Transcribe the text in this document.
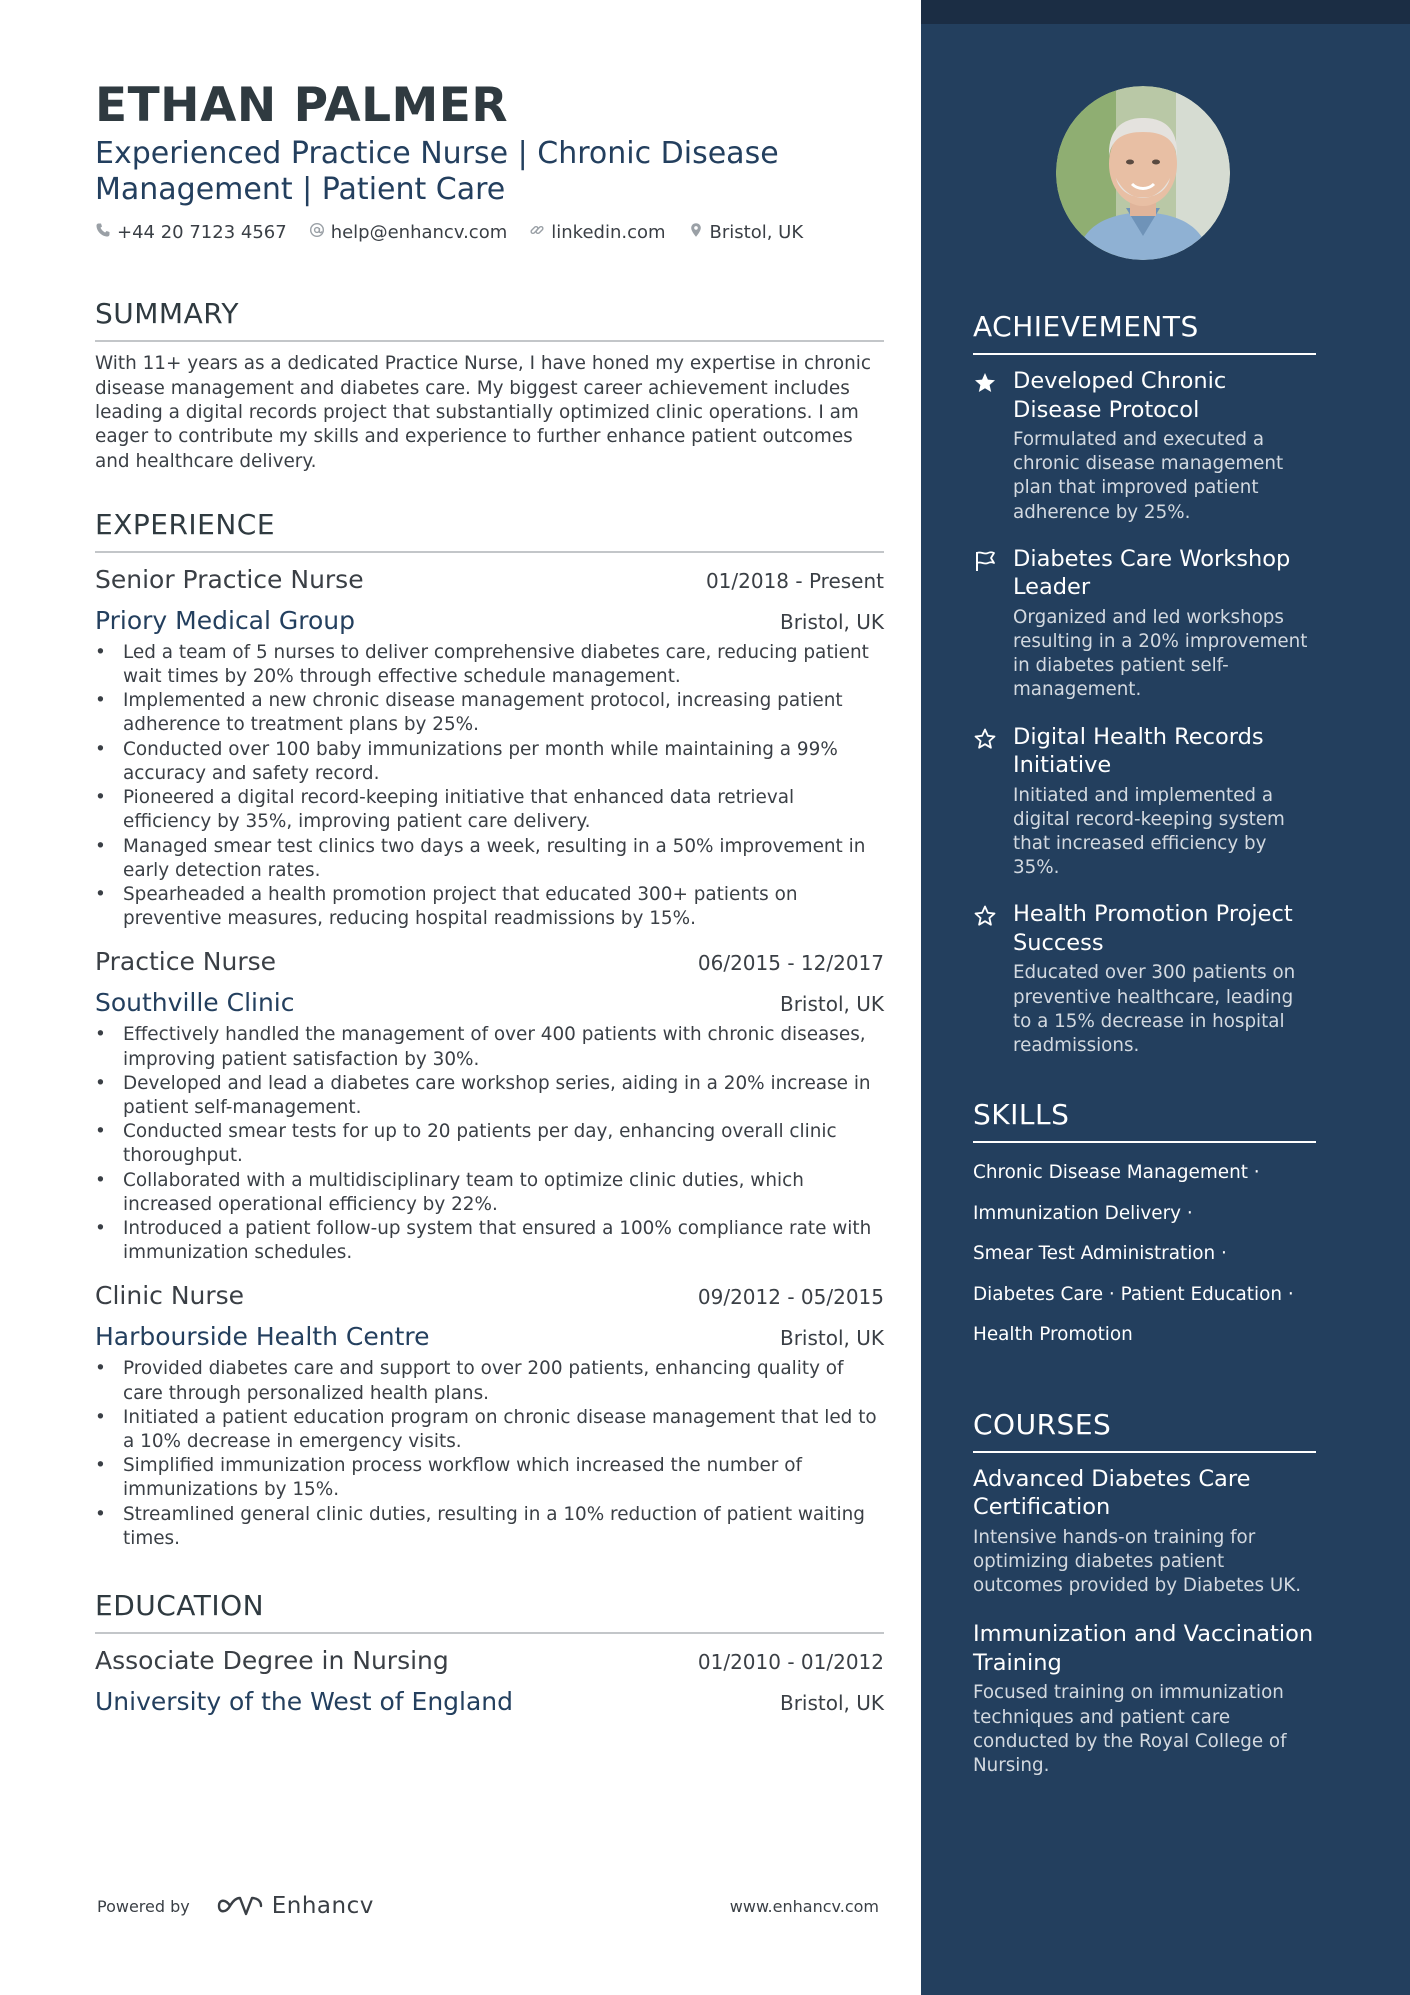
ETHAN PALMER
Experienced Practice Nurse | Chronic Disease
Management | Patient Care
+44 20 7123 4567 help@enhancv.com linkedin.com Bristol, UK
SUMMARY
With 11+ years as a dedicated Practice Nurse, I have honed my expertise in chronic
disease management and diabetes care. My biggest career achievement includes
leading a digital records project that substantially optimized clinic operations. I am
eager to contribute my skills and experience to further enhance patient outcomes
and healthcare delivery.
EXPERIENCE
Senior Practice Nurse	01/2018 - Present
Priory Medical Group	Bristol, UK
• Led a team of 5 nurses to deliver comprehensive diabetes care, reducing patient
wait times by 20% through effective schedule management.
• Implemented a new chronic disease management protocol, increasing patient
adherence to treatment plans by 25%.
• Conducted over 100 baby immunizations per month while maintaining a 99%
accuracy and safety record.
• Pioneered a digital record-keeping initiative that enhanced data retrieval
efficiency by 35%, improving patient care delivery.
• Managed smear test clinics two days a week, resulting in a 50% improvement in
early detection rates.
• Spearheaded a health promotion project that educated 300+ patients on
preventive measures, reducing hospital readmissions by 15%.
Practice Nurse	06/2015 - 12/2017
Southville Clinic	Bristol, UK
• Effectively handled the management of over 400 patients with chronic diseases,
improving patient satisfaction by 30%.
• Developed and lead a diabetes care workshop series, aiding in a 20% increase in
patient self-management.
• Conducted smear tests for up to 20 patients per day, enhancing overall clinic
thoroughput.
• Collaborated with a multidisciplinary team to optimize clinic duties, which
increased operational efficiency by 22%.
• Introduced a patient follow-up system that ensured a 100% compliance rate with
immunization schedules.
Clinic Nurse	09/2012 - 05/2015
Harbourside Health Centre	Bristol, UK
• Provided diabetes care and support to over 200 patients, enhancing quality of
care through personalized health plans.
• Initiated a patient education program on chronic disease management that led to
a 10% decrease in emergency visits.
• Simplified immunization process workflow which increased the number of
immunizations by 15%.
• Streamlined general clinic duties, resulting in a 10% reduction of patient waiting
times.
EDUCATION
Associate Degree in Nursing	01/2010 - 01/2012
University of the West of England	Bristol, UK
Powered by	Enhancv	www.enhancv.com
ACHIEVEMENTS
Developed Chronic
Disease Protocol
Formulated and executed a
chronic disease management
plan that improved patient
adherence by 25%.
Diabetes Care Workshop
Leader
Organized and led workshops
resulting in a 20% improvement
in diabetes patient self-
management.
Digital Health Records
Initiative
Initiated and implemented a
digital record-keeping system
that increased efficiency by
35%.
Health Promotion Project
Success
Educated over 300 patients on
preventive healthcare, leading
to a 15% decrease in hospital
readmissions.
SKILLS
Chronic Disease Management ·
Immunization Delivery ·
Smear Test Administration ·
Diabetes Care · Patient Education ·
Health Promotion
COURSES
Advanced Diabetes Care
Certification
Intensive hands-on training for
optimizing diabetes patient
outcomes provided by Diabetes UK.
Immunization and Vaccination
Training
Focused training on immunization
techniques and patient care
conducted by the Royal College of
Nursing.
